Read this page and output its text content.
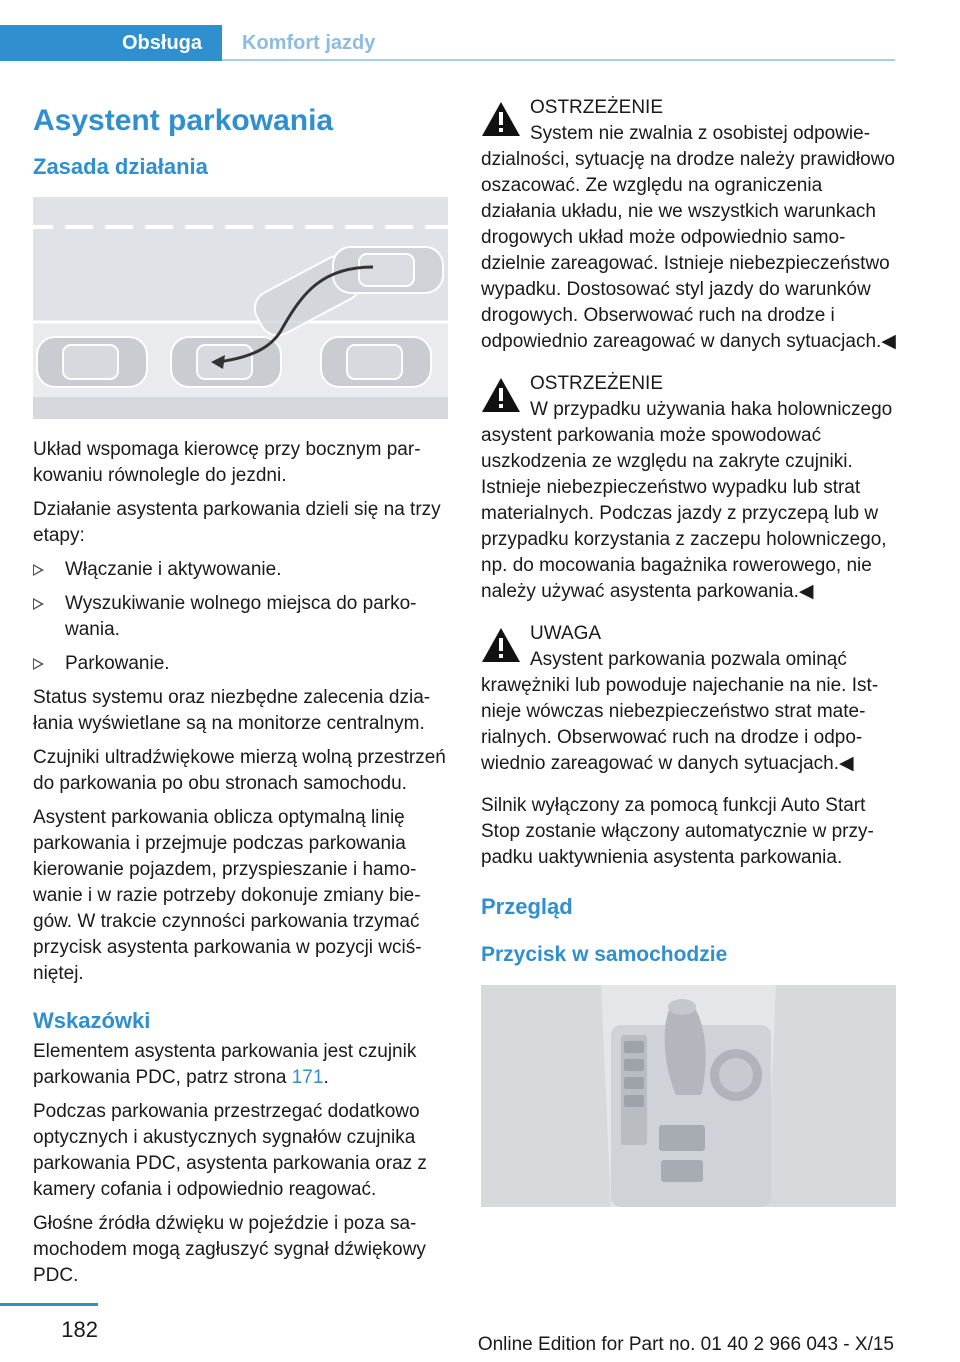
Obsługa Komfort jazdy
Asystent parkowania
Zasada działania

Układ wspomaga kierowcę przy bocznym parkowaniu równolegle do jezdni.

Działanie asystenta parkowania dzieli się na trzy etapy:

Włączanie i aktywowanie.
Wyszukiwanie wolnego miejsca do parkowania.
Parkowanie.

Status systemu oraz niezbędne zalecenia działania wyświetlane są na monitorze centralnym.

Czujniki ultradźwiękowe mierzą wolną przestrzeń do parkowania po obu stronach samochodu.

Asystent parkowania oblicza optymalną linię parkowania i przejmuje podczas parkowania kierowanie pojazdem, przyspieszanie i hamowanie i w razie potrzeby dokonuje zmiany biegów. W trakcie czynności parkowania trzymać przycisk asystenta parkowania w pozycji wciśniętej.

Wskazówki

Elementem asystenta parkowania jest czujnik parkowania PDC, patrz strona 171.

Podczas parkowania przestrzegać dodatkowo optycznych i akustycznych sygnałów czujnika parkowania PDC, asystenta parkowania oraz z kamery cofania i odpowiednio reagować.

Głośne źródła dźwięku w pojeździe i poza samochodem mogą zagłuszyć sygnał dźwiękowy PDC.

OSTRZEŻENIE

System nie zwalnia z osobistej odpowiedzialności, sytuację na drodze należy prawidłowo oszacować. Ze względu na ograniczenia działania układu, nie we wszystkich warunkach drogowych układ może odpowiednio samodzielnie zareagować. Istnieje niebezpieczeństwo wypadku. Dostosować styl jazdy do warunków drogowych. Obserwować ruch na drodze i odpowiednio zareagować w danych sytuacjach.◀

OSTRZEŻENIE

W przypadku używania haka holowniczego asystent parkowania może spowodować uszkodzenia ze względu na zakryte czujniki. Istnieje niebezpieczeństwo wypadku lub strat materialnych. Podczas jazdy z przyczepą lub w przypadku korzystania z zaczepu holowniczego, np. do mocowania bagażnika rowerowego, nie należy używać asystenta parkowania.◀

UWAGA

Asystent parkowania pozwala ominąć krawężniki lub powoduje najechanie na nie. Istnieje wówczas niebezpieczeństwo strat materialnych. Obserwować ruch na drodze i odpowiednio zareagować w danych sytuacjach.◀

Silnik wyłączony za pomocą funkcji Auto Start Stop zostanie włączony automatycznie w przypadku uaktywnienia asystenta parkowania.

Przegląd
Przycisk w samochodzie
182
Online Edition for Part no. 01 40 2 966 043 - X/15
